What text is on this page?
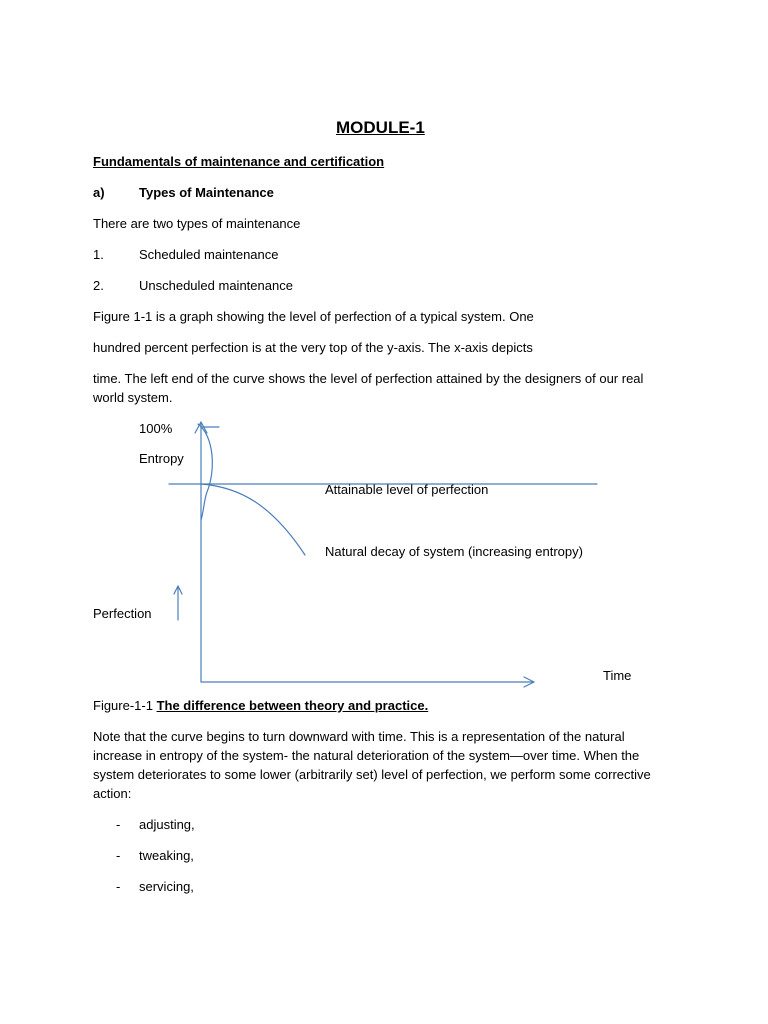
MODULE-1
Fundamentals of maintenance and certification
a)	Types of Maintenance
There are two types of maintenance
1.	Scheduled maintenance
2.	Unscheduled maintenance
Figure 1-1 is a graph showing the level of perfection of a typical system. One
hundred percent perfection is at the very top of the y-axis. The x-axis depicts
time. The left end of the curve shows the level of perfection attained by the designers of our real world system.
100%
Entropy
Attainable level of perfection
Natural decay of system (increasing entropy)
Perfection
Time
Figure-1-1 The difference between theory and practice.
Note that the curve begins to turn downward with time. This is a representation of the natural increase in entropy of the system- the natural deterioration of the system—over time. When the system deteriorates to some lower (arbitrarily set) level of perfection, we perform some corrective action:
- adjusting,
- tweaking,
- servicing,
